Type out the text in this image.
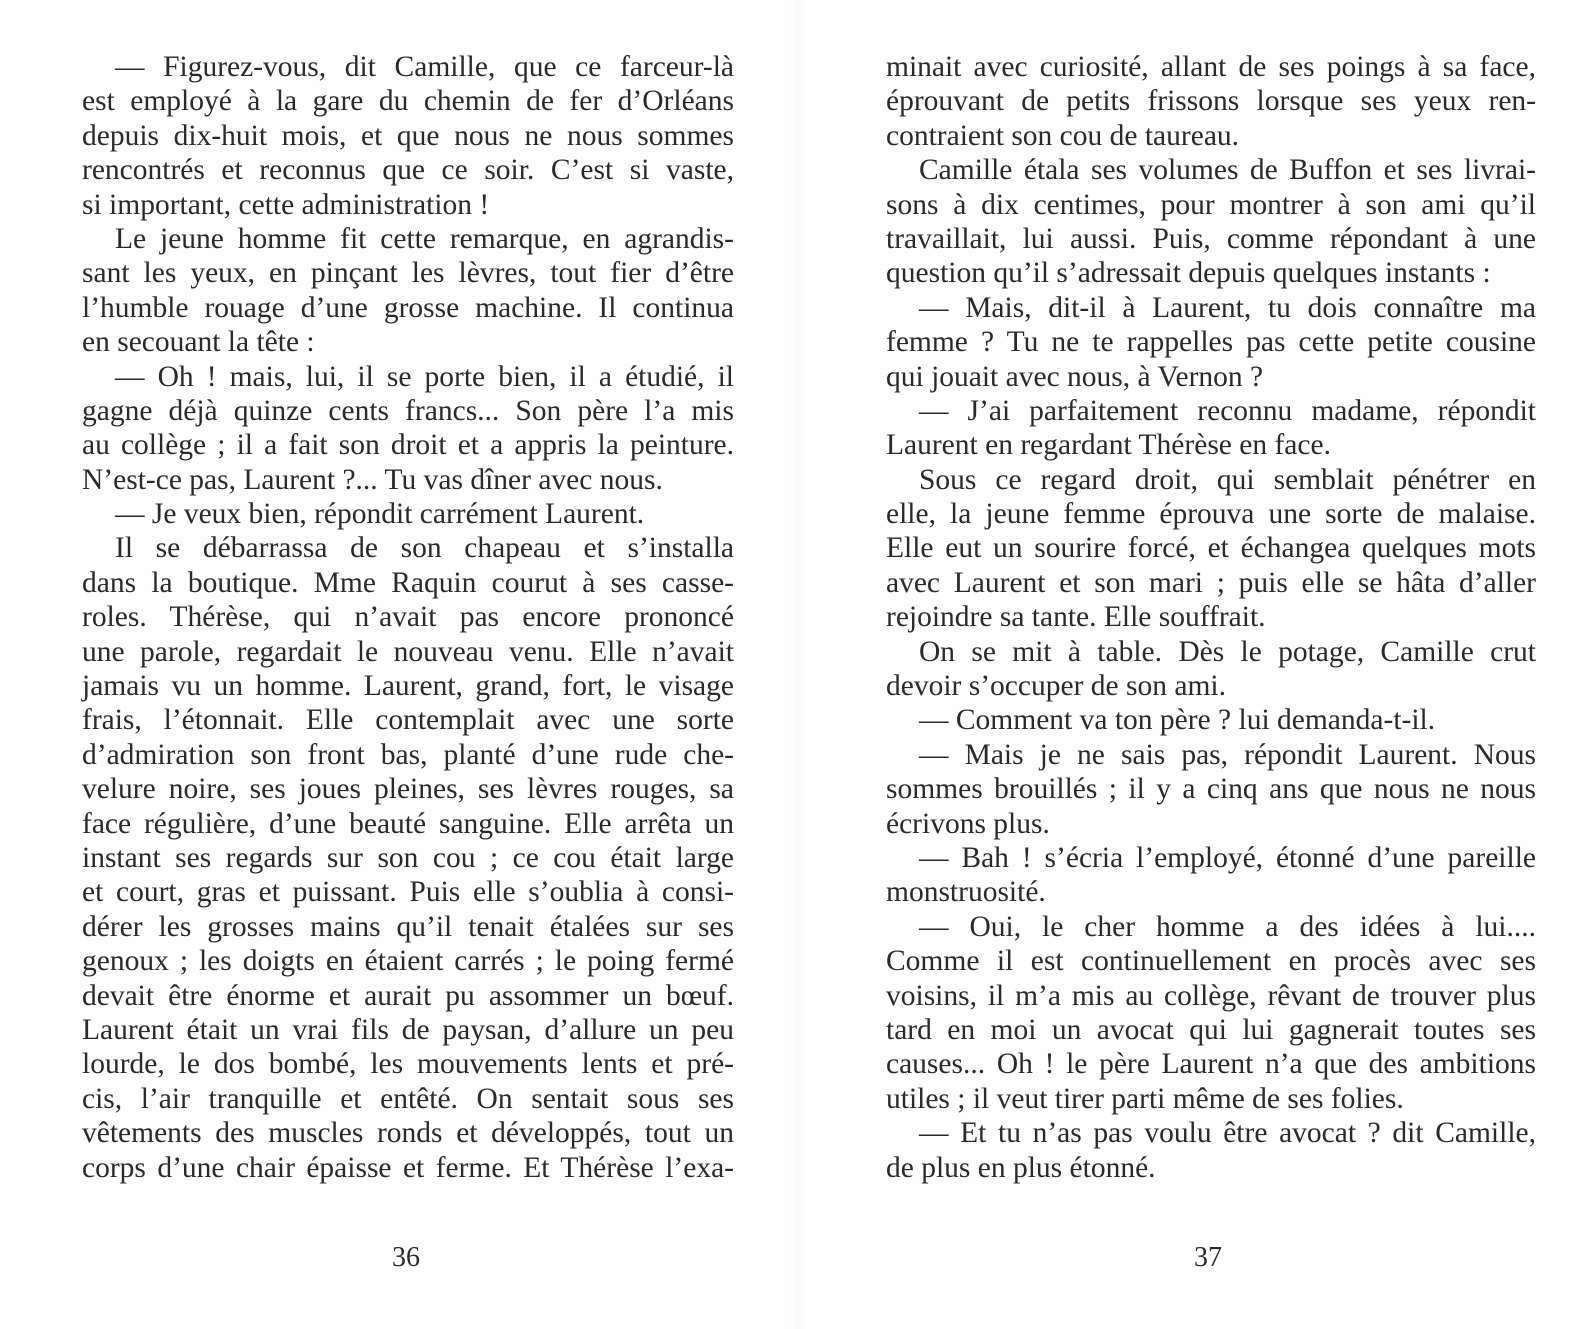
— Figurez-vous, dit Camille, que ce farceur-là
est employé à la gare du chemin de fer d’Orléans
depuis dix-huit mois, et que nous ne nous sommes
rencontrés et reconnus que ce soir. C’est si vaste,
si important, cette administration !
Le jeune homme fit cette remarque, en agrandis-
sant les yeux, en pinçant les lèvres, tout fier d’être
l’humble rouage d’une grosse machine. Il continua
en secouant la tête :
— Oh ! mais, lui, il se porte bien, il a étudié, il
gagne déjà quinze cents francs... Son père l’a mis
au collège ; il a fait son droit et a appris la peinture.
N’est-ce pas, Laurent ?... Tu vas dîner avec nous.
— Je veux bien, répondit carrément Laurent.
Il se débarrassa de son chapeau et s’installa
dans la boutique. Mme Raquin courut à ses casse-
roles. Thérèse, qui n’avait pas encore prononcé
une parole, regardait le nouveau venu. Elle n’avait
jamais vu un homme. Laurent, grand, fort, le visage
frais, l’étonnait. Elle contemplait avec une sorte
d’admiration son front bas, planté d’une rude che-
velure noire, ses joues pleines, ses lèvres rouges, sa
face régulière, d’une beauté sanguine. Elle arrêta un
instant ses regards sur son cou ; ce cou était large
et court, gras et puissant. Puis elle s’oublia à consi-
dérer les grosses mains qu’il tenait étalées sur ses
genoux ; les doigts en étaient carrés ; le poing fermé
devait être énorme et aurait pu assommer un bœuf.
Laurent était un vrai fils de paysan, d’allure un peu
lourde, le dos bombé, les mouvements lents et pré-
cis, l’air tranquille et entêté. On sentait sous ses
vêtements des muscles ronds et développés, tout un
corps d’une chair épaisse et ferme. Et Thérèse l’exa-
36
minait avec curiosité, allant de ses poings à sa face,
éprouvant de petits frissons lorsque ses yeux ren-
contraient son cou de taureau.
Camille étala ses volumes de Buffon et ses livrai-
sons à dix centimes, pour montrer à son ami qu’il
travaillait, lui aussi. Puis, comme répondant à une
question qu’il s’adressait depuis quelques instants :
— Mais, dit-il à Laurent, tu dois connaître ma
femme ? Tu ne te rappelles pas cette petite cousine
qui jouait avec nous, à Vernon ?
— J’ai parfaitement reconnu madame, répondit
Laurent en regardant Thérèse en face.
Sous ce regard droit, qui semblait pénétrer en
elle, la jeune femme éprouva une sorte de malaise.
Elle eut un sourire forcé, et échangea quelques mots
avec Laurent et son mari ; puis elle se hâta d’aller
rejoindre sa tante. Elle souffrait.
On se mit à table. Dès le potage, Camille crut
devoir s’occuper de son ami.
— Comment va ton père ? lui demanda-t-il.
— Mais je ne sais pas, répondit Laurent. Nous
sommes brouillés ; il y a cinq ans que nous ne nous
écrivons plus.
— Bah ! s’écria l’employé, étonné d’une pareille
monstruosité.
— Oui, le cher homme a des idées à lui....
Comme il est continuellement en procès avec ses
voisins, il m’a mis au collège, rêvant de trouver plus
tard en moi un avocat qui lui gagnerait toutes ses
causes... Oh ! le père Laurent n’a que des ambitions
utiles ; il veut tirer parti même de ses folies.
— Et tu n’as pas voulu être avocat ? dit Camille,
de plus en plus étonné.
37
